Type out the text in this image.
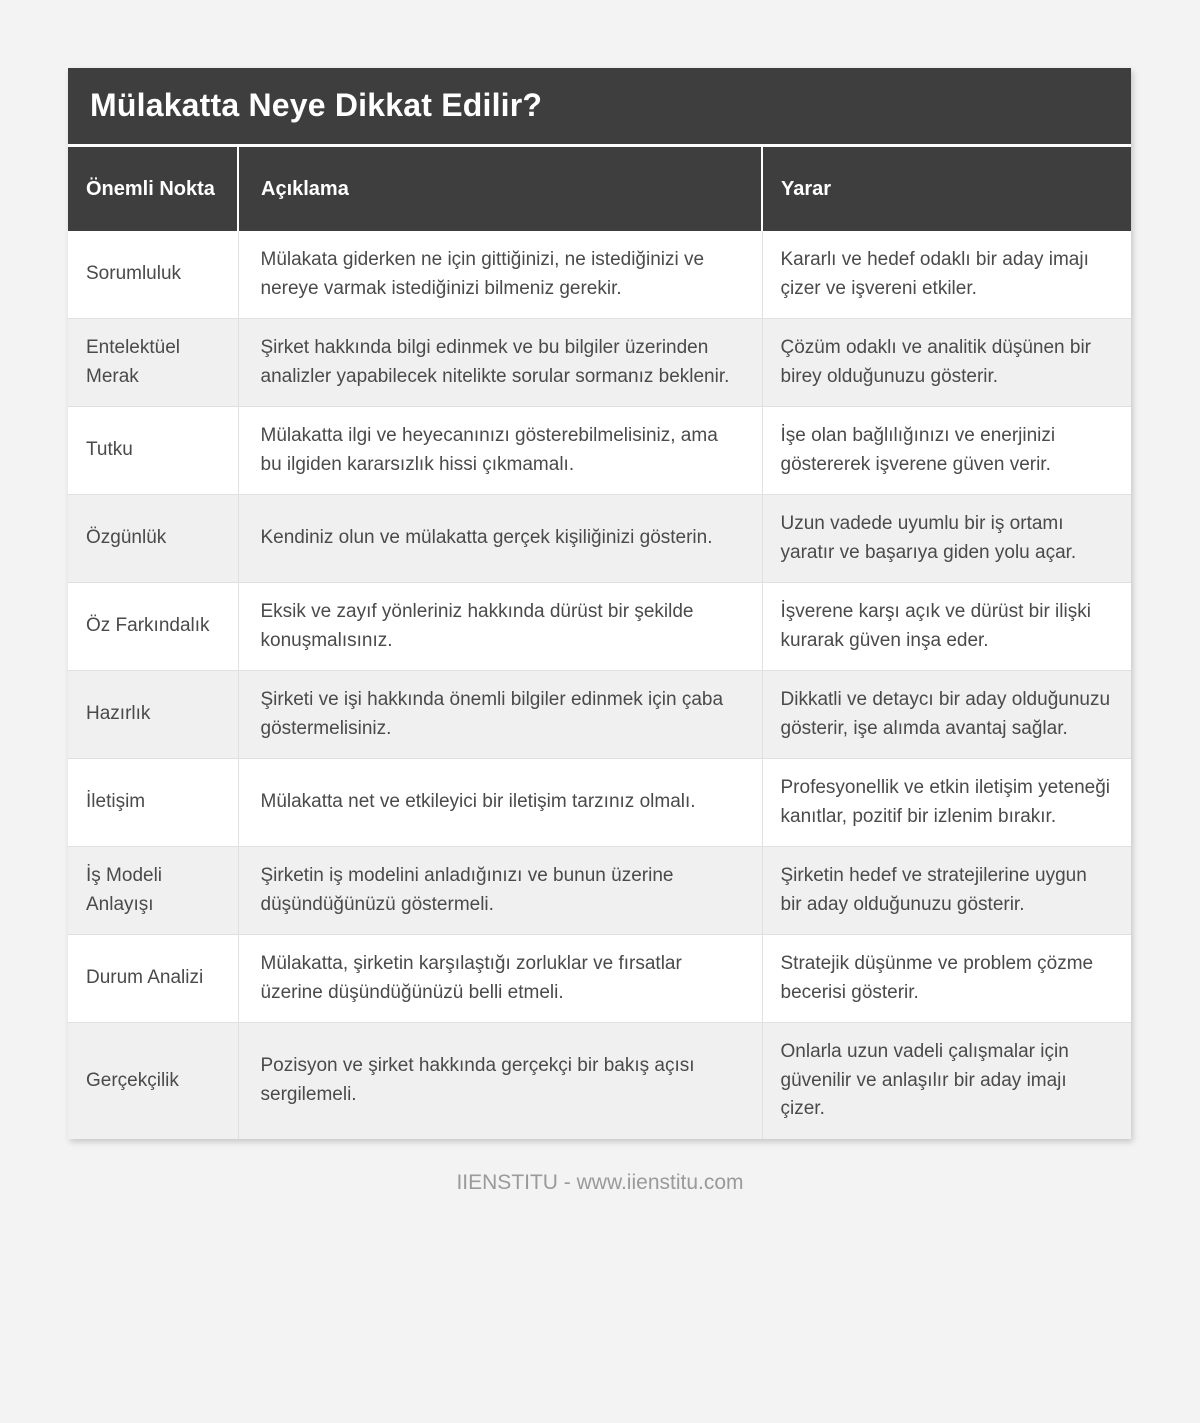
Mülakatta Neye Dikkat Edilir?
Önemli Nokta	Açıklama	Yarar
Sorumluluk	Mülakata giderken ne için gittiğinizi, ne istediğinizi ve nereye varmak istediğinizi bilmeniz gerekir.	Kararlı ve hedef odaklı bir aday imajı çizer ve işvereni etkiler.
Entelektüel Merak	Şirket hakkında bilgi edinmek ve bu bilgiler üzerinden analizler yapabilecek nitelikte sorular sormanız beklenir.	Çözüm odaklı ve analitik düşünen bir birey olduğunuzu gösterir.
Tutku	Mülakatta ilgi ve heyecanınızı gösterebilmelisiniz, ama bu ilgiden kararsızlık hissi çıkmamalı.	İşe olan bağlılığınızı ve enerjinizi göstererek işverene güven verir.
Özgünlük	Kendiniz olun ve mülakatta gerçek kişiliğinizi gösterin.	Uzun vadede uyumlu bir iş ortamı yaratır ve başarıya giden yolu açar.
Öz Farkındalık	Eksik ve zayıf yönleriniz hakkında dürüst bir şekilde konuşmalısınız.	İşverene karşı açık ve dürüst bir ilişki kurarak güven inşa eder.
Hazırlık	Şirketi ve işi hakkında önemli bilgiler edinmek için çaba göstermelisiniz.	Dikkatli ve detaycı bir aday olduğunuzu gösterir, işe alımda avantaj sağlar.
İletişim	Mülakatta net ve etkileyici bir iletişim tarzınız olmalı.	Profesyonellik ve etkin iletişim yeteneği kanıtlar, pozitif bir izlenim bırakır.
İş Modeli Anlayışı	Şirketin iş modelini anladığınızı ve bunun üzerine düşündüğünüzü göstermeli.	Şirketin hedef ve stratejilerine uygun bir aday olduğunuzu gösterir.
Durum Analizi	Mülakatta, şirketin karşılaştığı zorluklar ve fırsatlar üzerine düşündüğünüzü belli etmeli.	Stratejik düşünme ve problem çözme becerisi gösterir.
Gerçekçilik	Pozisyon ve şirket hakkında gerçekçi bir bakış açısı sergilemeli.	Onlarla uzun vadeli çalışmalar için güvenilir ve anlaşılır bir aday imajı çizer.
IIENSTITU - www.iienstitu.com
